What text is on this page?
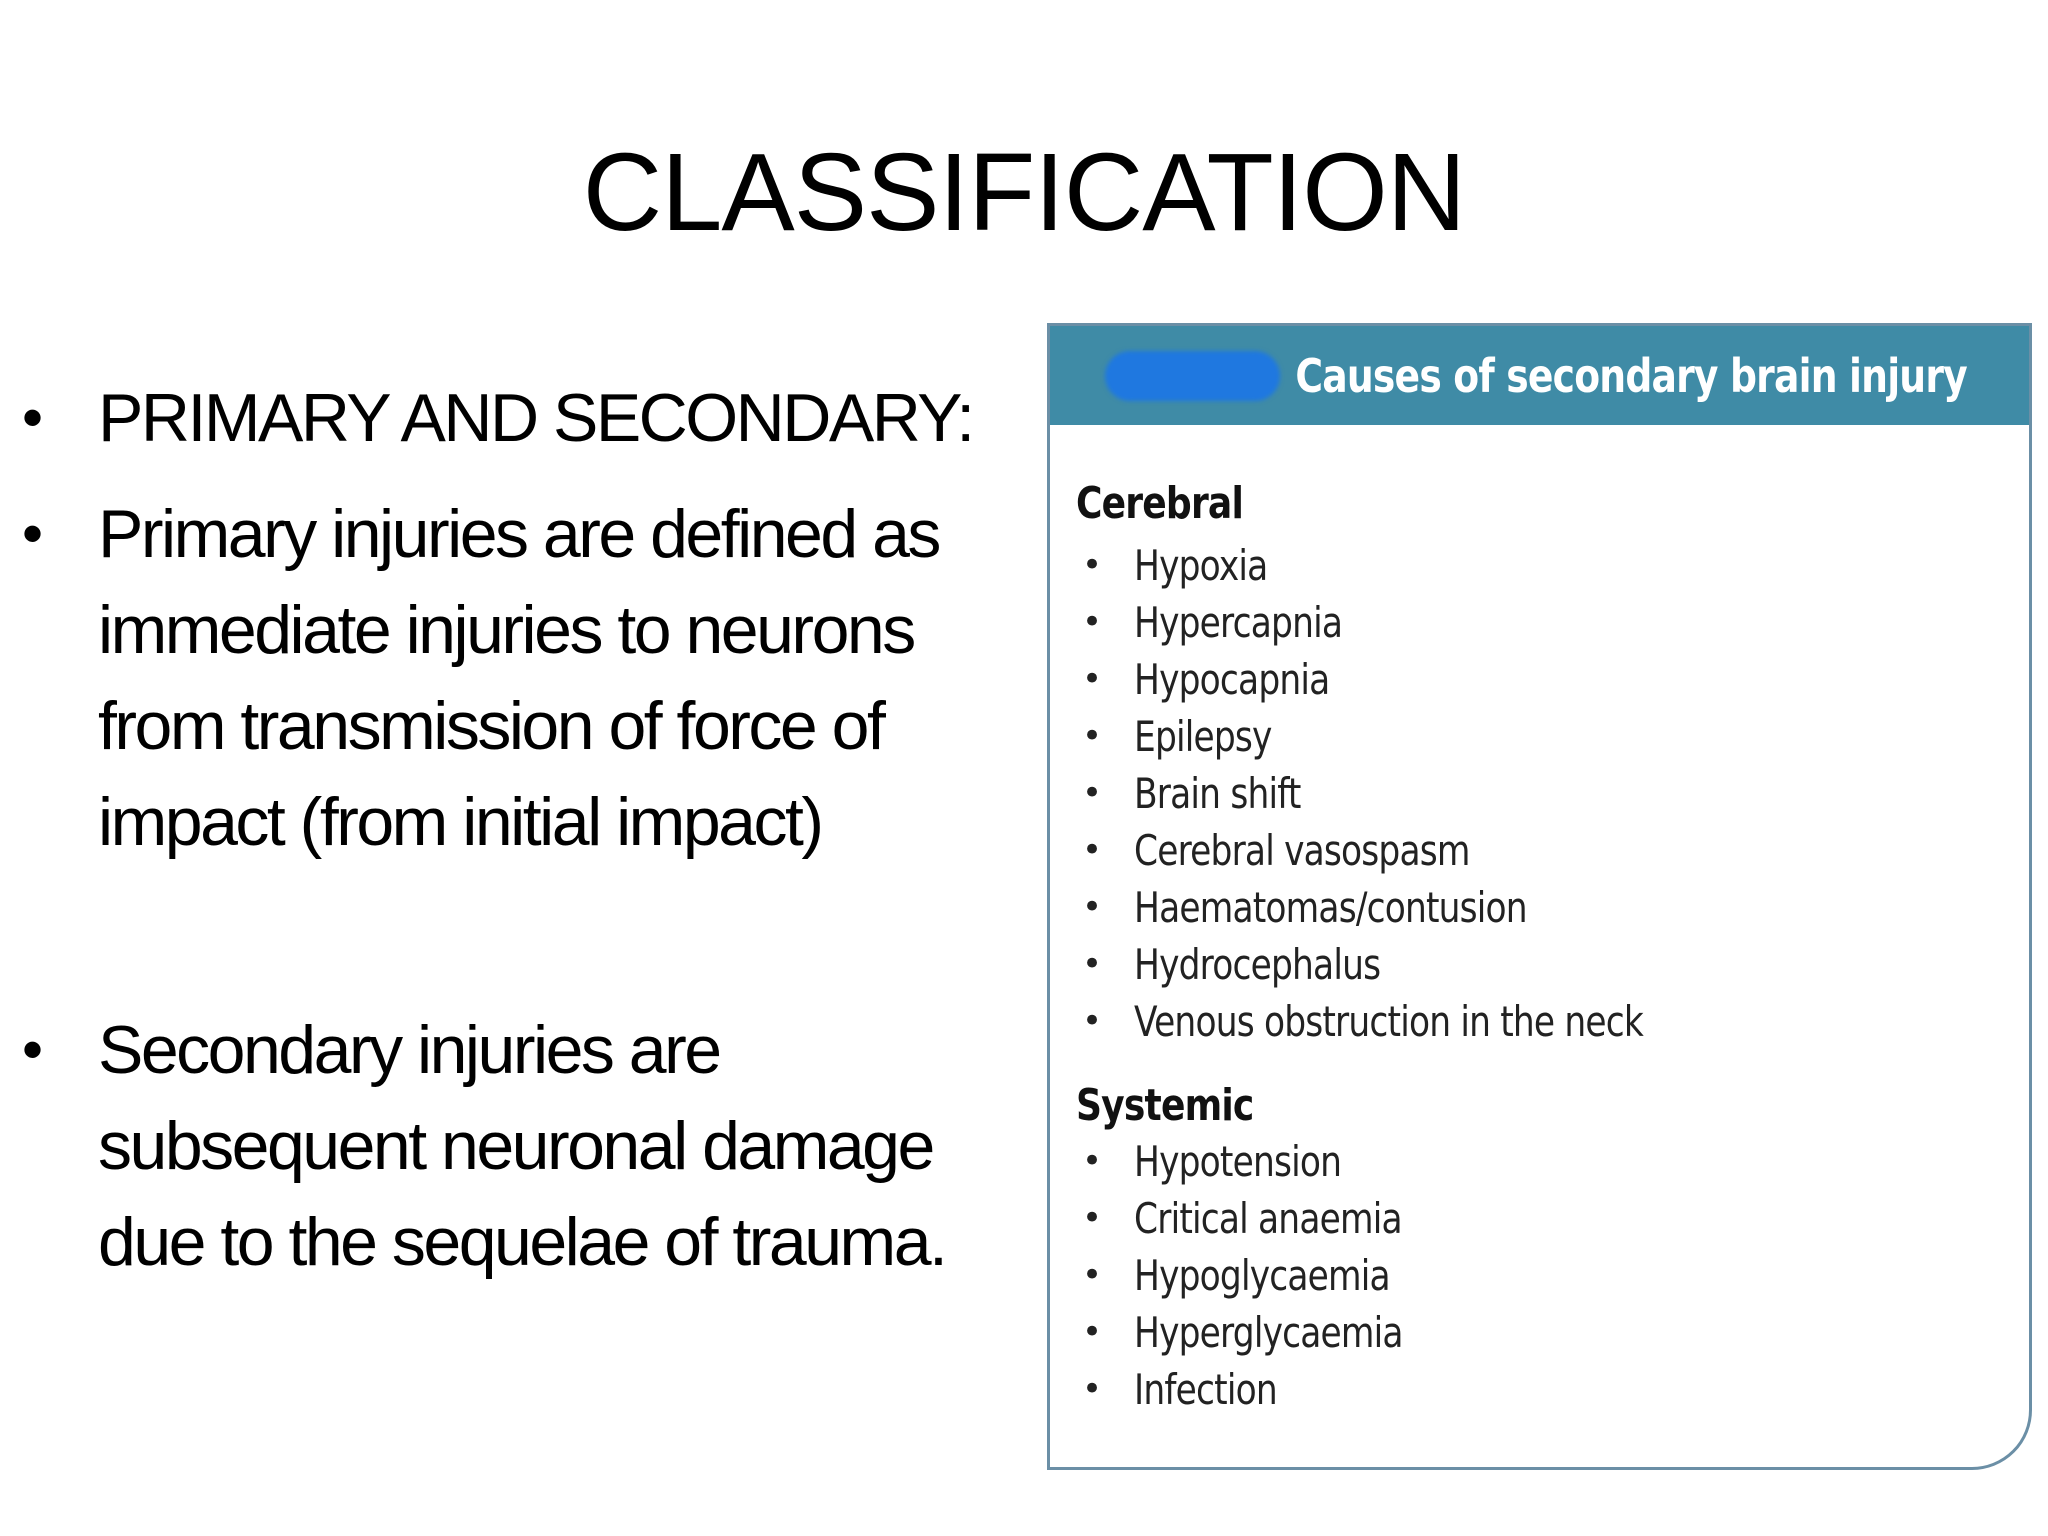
CLASSIFICATION
• PRIMARY AND SECONDARY:
• Primary injuries are defined as immediate injuries to neurons from transmission of force of impact (from initial impact)
• Secondary injuries are subsequent neuronal damage due to the sequelae of trauma.
Causes of secondary brain injury
Cerebral
• Hypoxia
• Hypercapnia
• Hypocapnia
• Epilepsy
• Brain shift
• Cerebral vasospasm
• Haematomas/contusion
• Hydrocephalus
• Venous obstruction in the neck
Systemic
• Hypotension
• Critical anaemia
• Hypoglycaemia
• Hyperglycaemia
• Infection
